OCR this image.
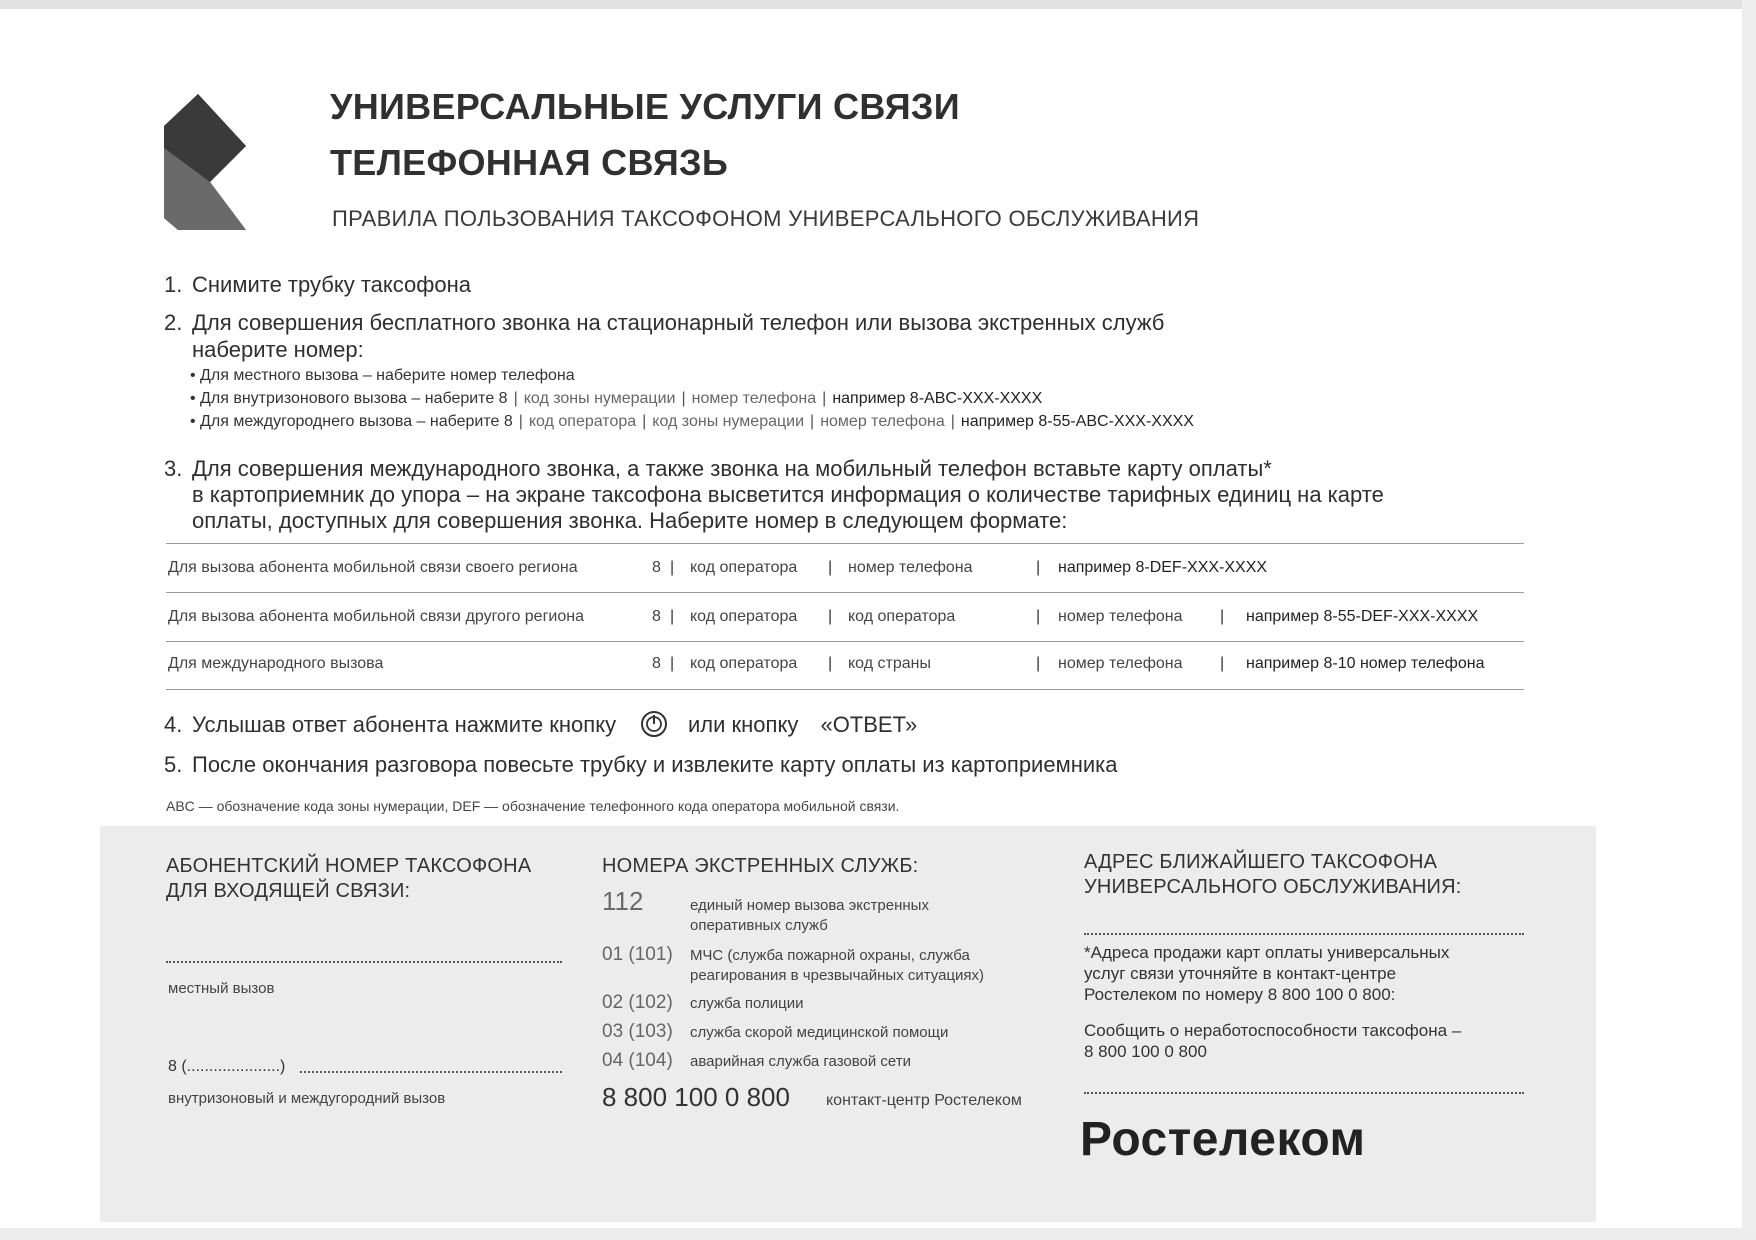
УНИВЕРСАЛЬНЫЕ УСЛУГИ СВЯЗИ
ТЕЛЕФОННАЯ СВЯЗЬ
ПРАВИЛА ПОЛЬЗОВАНИЯ ТАКСОФОНОМ УНИВЕРСАЛЬНОГО ОБСЛУЖИВАНИЯ
1. Снимите трубку таксофона
2. Для совершения бесплатного звонка на стационарный телефон или вызова экстренных служб
наберите номер:
• Для местного вызова – наберите номер телефона
• Для внутризонового вызова – наберите 8 | код зоны нумерации | номер телефона | например 8-ABC-XXX-XXXX
• Для междугороднего вызова – наберите 8 | код оператора | код зоны нумерации | номер телефона | например 8-55-ABC-XXX-XXXX
3. Для совершения международного звонка, а также звонка на мобильный телефон вставьте карту оплаты*
в картоприемник до упора – на экране таксофона высветится информация о количестве тарифных единиц на карте
оплаты, доступных для совершения звонка. Наберите номер в следующем формате:
Для вызова абонента мобильной связи своего региона	8 | код оператора | номер телефона	| например 8-DEF-XXX-XXXX
Для вызова абонента мобильной связи другого региона	8 | код оператора | код оператора	| номер телефона | например 8-55-DEF-XXX-XXXX
Для международного вызова	8 | код оператора | код страны	| номер телефона | например 8-10 номер телефона
4. Услышав ответ абонента нажмите кнопку	или кнопку «ОТВЕТ»
5. После окончания разговора повесьте трубку и извлеките карту оплаты из картоприемника
ABC — обозначение кода зоны нумерации, DEF — обозначение телефонного кода оператора мобильной связи.
АБОНЕНТСКИЙ НОМЕР ТАКСОФОНА
ДЛЯ ВХОДЯЩЕЙ СВЯЗИ:
местный вызов
8 (.....................)
внутризоновый и междугородний вызов
НОМЕРА ЭКСТРЕННЫХ СЛУЖБ:
112	единый номер вызова экстренных
оперативных служб
01 (101) МЧС (служба пожарной охраны, служба
реагирования в чрезвычайных ситуациях)
02 (102) служба полиции
03 (103) служба скорой медицинской помощи
04 (104) аварийная служба газовой сети
8 800 100 0 800 контакт-центр Ростелеком
АДРЕС БЛИЖАЙШЕГО ТАКСОФОНА
УНИВЕРСАЛЬНОГО ОБСЛУЖИВАНИЯ:
*Адреса продажи карт оплаты универсальных
услуг связи уточняйте в контакт-центре
Ростелеком по номеру 8 800 100 0 800:
Сообщить о неработоспособности таксофона –
8 800 100 0 800
Ростелеком
